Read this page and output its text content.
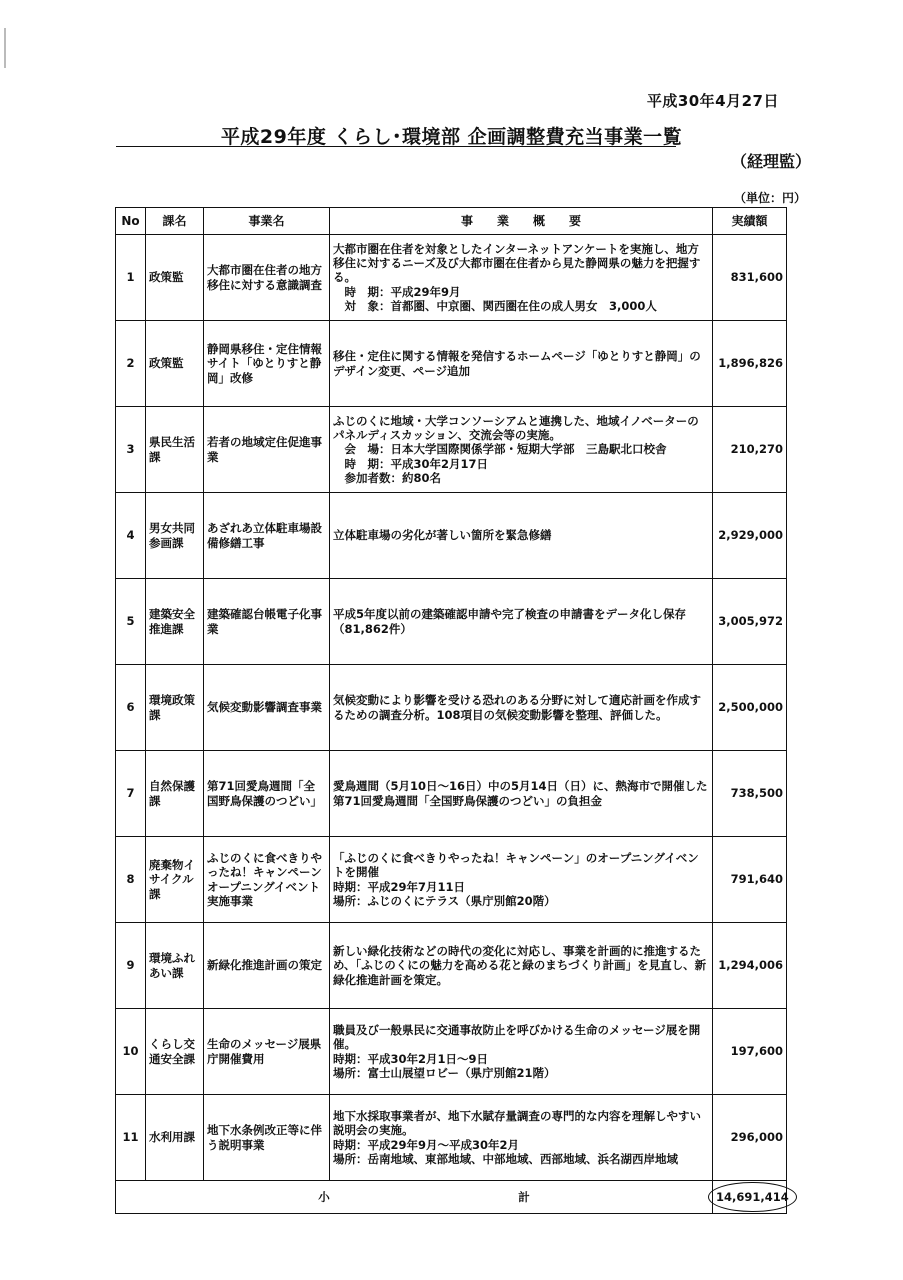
平成30年4月27日
平成29年度 くらし･環境部 企画調整費充当事業一覧
（経理監）
（単位：円）
No	課名	事業名	事　　業　　概　　要	実績額
1	政策監	大都市圏在住者の地方移住に対する意識調査	大都市圏在住者を対象としたインターネットアンケートを実施し、地方移住に対するニーズ及び大都市圏在住者から見た静岡県の魅力を把握する。
　時　期：平成29年9月
　対　象：首都圏、中京圏、関西圏在住の成人男女　3,000人	831,600
2	政策監	静岡県移住・定住情報サイト「ゆとりすと静岡」改修	移住・定住に関する情報を発信するホームページ「ゆとりすと静岡」のデザイン変更、ページ追加	1,896,826
3	県民生活課	若者の地域定住促進事業	ふじのくに地域・大学コンソーシアムと連携した、地域イノベーターのパネルディスカッション、交流会等の実施。
　会　場：日本大学国際関係学部・短期大学部　三島駅北口校舎
　時　期：平成30年2月17日
　参加者数：約80名	210,270
4	男女共同参画課	あざれあ立体駐車場設備修繕工事	立体駐車場の劣化が著しい箇所を緊急修繕	2,929,000
5	建築安全推進課	建築確認台帳電子化事業	平成5年度以前の建築確認申請や完了検査の申請書をデータ化し保存（81,862件）	3,005,972
6	環境政策課	気候変動影響調査事業	気候変動により影響を受ける恐れのある分野に対して適応計画を作成するための調査分析。108項目の気候変動影響を整理、評価した。	2,500,000
7	自然保護課	第71回愛鳥週間「全国野鳥保護のつどい」	愛鳥週間（5月10日～16日）中の5月14日（日）に、熱海市で開催した第71回愛鳥週間「全国野鳥保護のつどい」の負担金	738,500
8	廃棄物イサイクル課	ふじのくに食べきりやったね！キャンペーンオープニングイベント実施事業	「ふじのくに食べきりやったね！キャンペーン」のオープニングイベントを開催
時期：平成29年7月11日
場所：ふじのくにテラス（県庁別館20階）	791,640
9	環境ふれあい課	新緑化推進計画の策定	新しい緑化技術などの時代の変化に対応し、事業を計画的に推進するため、「ふじのくにの魅力を高める花と緑のまちづくり計画」を見直し、新緑化推進計画を策定。	1,294,006
10	くらし交通安全課	生命のメッセージ展県庁開催費用	職員及び一般県民に交通事故防止を呼びかける生命のメッセージ展を開催。
時期：平成30年2月1日～9日
場所：富士山展望ロビー（県庁別館21階）	197,600
11	水利用課	地下水条例改正等に伴う説明事業	地下水採取事業者が、地下水賦存量調査の専門的な内容を理解しやすい説明会の実施。
時期：平成29年9月～平成30年2月
場所：岳南地域、東部地域、中部地域、西部地域、浜名湖西岸地域	296,000
小 計				14,691,414
